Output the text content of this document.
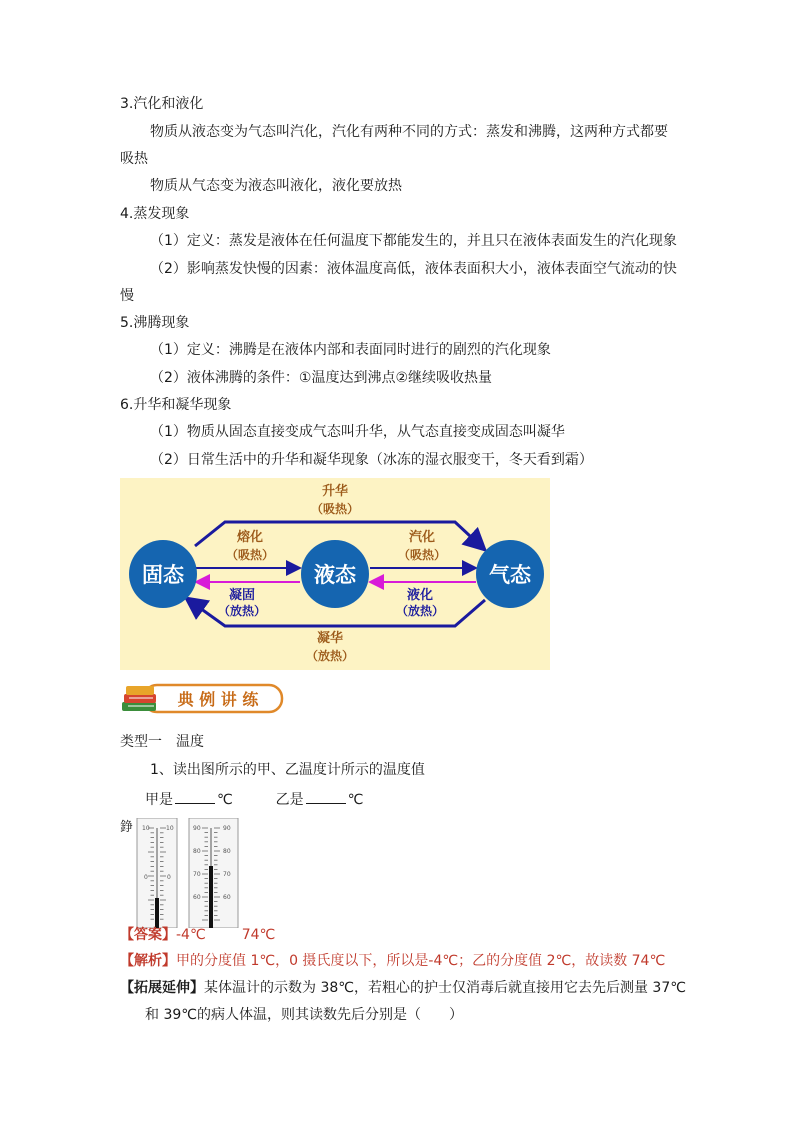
3.汽化和液化
物质从液态变为气态叫汽化，汽化有两种不同的方式：蒸发和沸腾，这两种方式都要
吸热
物质从气态变为液态叫液化，液化要放热
4.蒸发现象
（1）定义：蒸发是液体在任何温度下都能发生的，并且只在液体表面发生的汽化现象
（2）影响蒸发快慢的因素：液体温度高低，液体表面积大小，液体表面空气流动的快
慢
5.沸腾现象
（1）定义：沸腾是在液体内部和表面同时进行的剧烈的汽化现象
（2）液体沸腾的条件：①温度达到沸点②继续吸收热量
6.升华和凝华现象
（1）物质从固态直接变成气态叫升华，从气态直接变成固态叫凝华
（2）日常生活中的升华和凝华现象（冰冻的湿衣服变干，冬天看到霜）
升华
（吸热）
凝华
（放热）
熔化
（吸热）
凝固
（放热）
汽化
（吸热）
液化
（放热）
固态	液态	气态
典 例 讲 练
类型一　温度
1、读出图所示的甲、乙温度计所示的温度值
甲是	℃	乙是	℃
錚 10	10
0	0
90	90
80	80
70	70
60	60
【答案】-4℃	74℃
【解析】甲的分度值 1℃，0 摄氏度以下，所以是-4℃；乙的分度值 2℃，故读数 74℃
【拓展延伸】某体温计的示数为 38℃，若粗心的护士仅消毒后就直接用它去先后测量 37℃
和 39℃的病人体温，则其读数先后分别是（　　）
